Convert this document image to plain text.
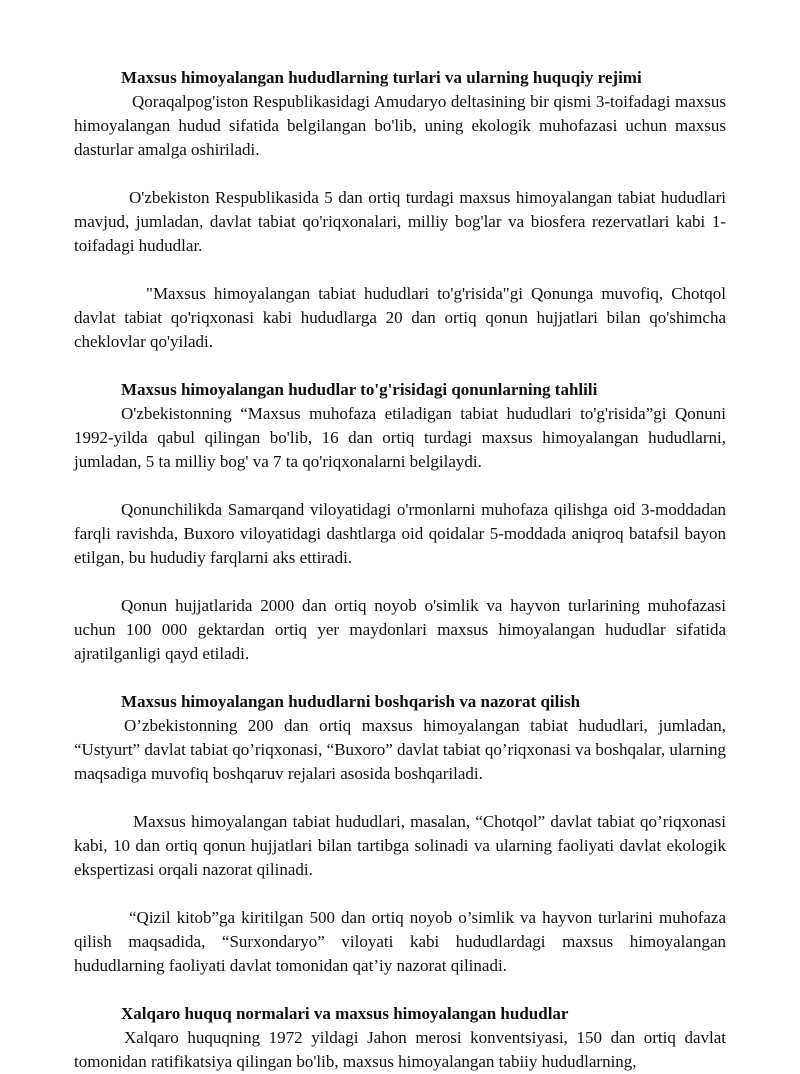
Maxsus himoyalangan hududlarning turlari va ularning huquqiy rejimi

Qoraqalpog'iston Respublikasidagi Amudaryo deltasining bir qismi 3-toifadagi maxsus himoyalangan hudud sifatida belgilangan bo'lib, uning ekologik muhofazasi uchun maxsus dasturlar amalga oshiriladi.

O'zbekiston Respublikasida 5 dan ortiq turdagi maxsus himoyalangan tabiat hududlari mavjud, jumladan, davlat tabiat qo'riqxonalari, milliy bog'lar va biosfera rezervatlari kabi 1-toifadagi hududlar.

"Maxsus himoyalangan tabiat hududlari to'g'risida"gi Qonunga muvofiq, Chotqol davlat tabiat qo'riqxonasi kabi hududlarga 20 dan ortiq qonun hujjatlari bilan qo'shimcha cheklovlar qo'yiladi.

Maxsus himoyalangan hududlar to'g'risidagi qonunlarning tahlili

O'zbekistonning “Maxsus muhofaza etiladigan tabiat hududlari to'g'risida”gi Qonuni 1992-yilda qabul qilingan bo'lib, 16 dan ortiq turdagi maxsus himoyalangan hududlarni, jumladan, 5 ta milliy bog' va 7 ta qo'riqxonalarni belgilaydi.

Qonunchilikda Samarqand viloyatidagi o'rmonlarni muhofaza qilishga oid 3-moddadan farqli ravishda, Buxoro viloyatidagi dashtlarga oid qoidalar 5-moddada aniqroq batafsil bayon etilgan, bu hududiy farqlarni aks ettiradi.

Qonun hujjatlarida 2000 dan ortiq noyob o'simlik va hayvon turlarining muhofazasi uchun 100 000 gektardan ortiq yer maydonlari maxsus himoyalangan hududlar sifatida ajratilganligi qayd etiladi.

Maxsus himoyalangan hududlarni boshqarish va nazorat qilish

O’zbekistonning 200 dan ortiq maxsus himoyalangan tabiat hududlari, jumladan, “Ustyurt” davlat tabiat qo’riqxonasi, “Buxoro” davlat tabiat qo’riqxonasi va boshqalar, ularning maqsadiga muvofiq boshqaruv rejalari asosida boshqariladi.

Maxsus himoyalangan tabiat hududlari, masalan, “Chotqol” davlat tabiat qo’riqxonasi kabi, 10 dan ortiq qonun hujjatlari bilan tartibga solinadi va ularning faoliyati davlat ekologik ekspertizasi orqali nazorat qilinadi.

“Qizil kitob”ga kiritilgan 500 dan ortiq noyob o’simlik va hayvon turlarini muhofaza qilish maqsadida, “Surxondaryo” viloyati kabi hududlardagi maxsus himoyalangan hududlarning faoliyati davlat tomonidan qat’iy nazorat qilinadi.

Xalqaro huquq normalari va maxsus himoyalangan hududlar

Xalqaro huquqning 1972 yildagi Jahon merosi konventsiyasi, 150 dan ortiq davlat tomonidan ratifikatsiya qilingan bo'lib, maxsus himoyalangan tabiiy hududlarning,
